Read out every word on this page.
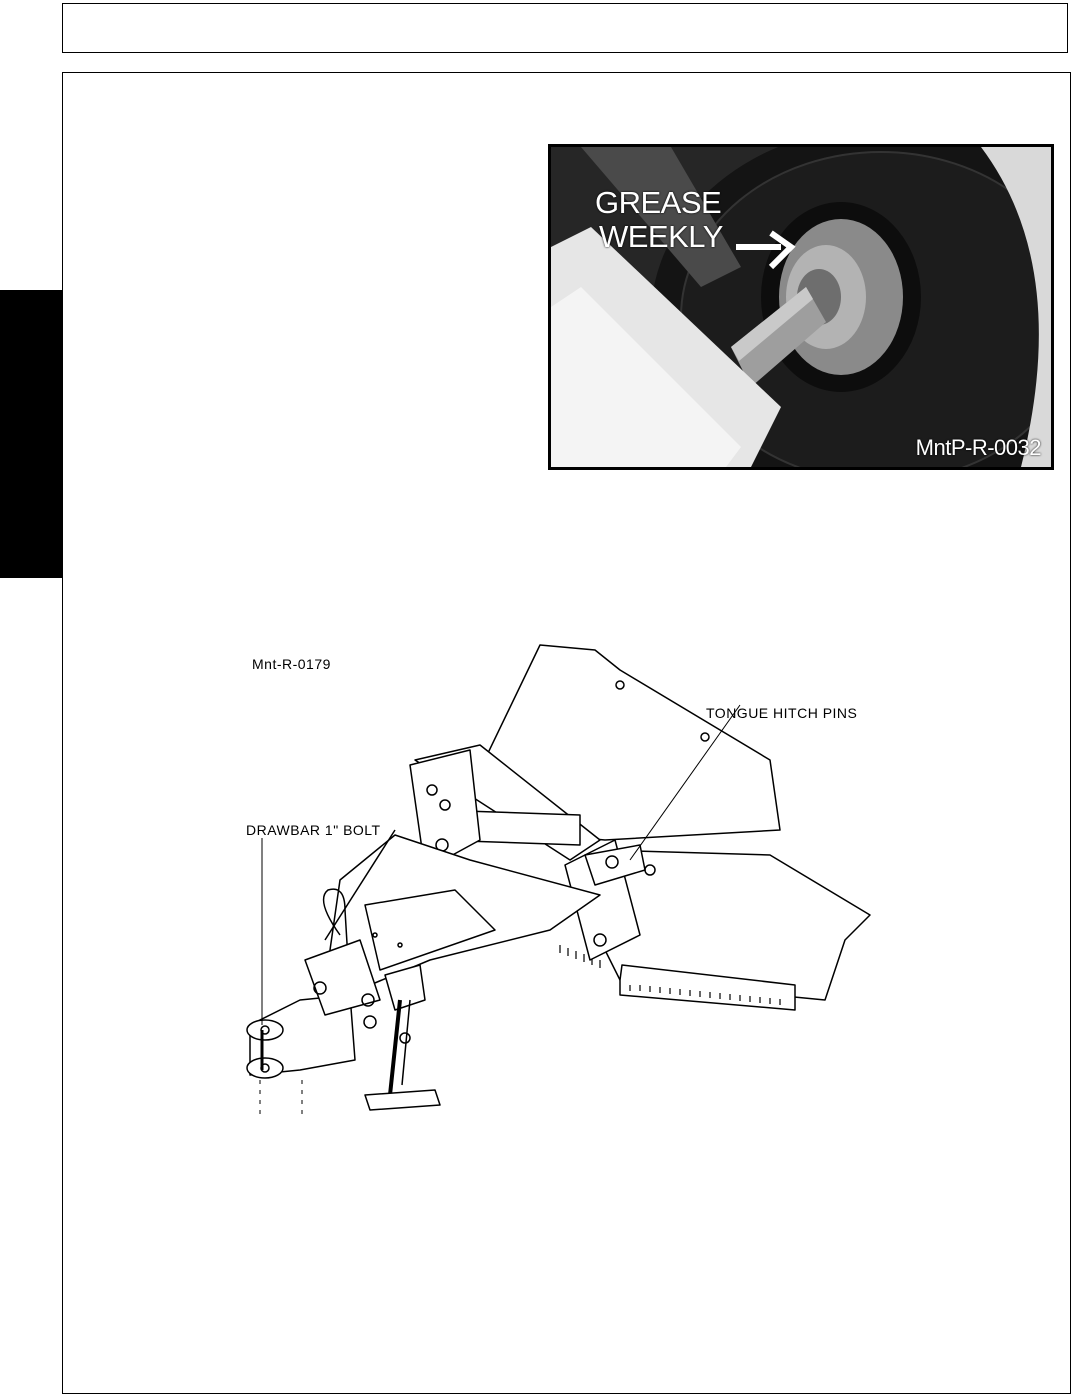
GREASE
WEEKLY
MntP-R-0032
Mnt-R-0179
TONGUE HITCH PINS
DRAWBAR 1" BOLT
